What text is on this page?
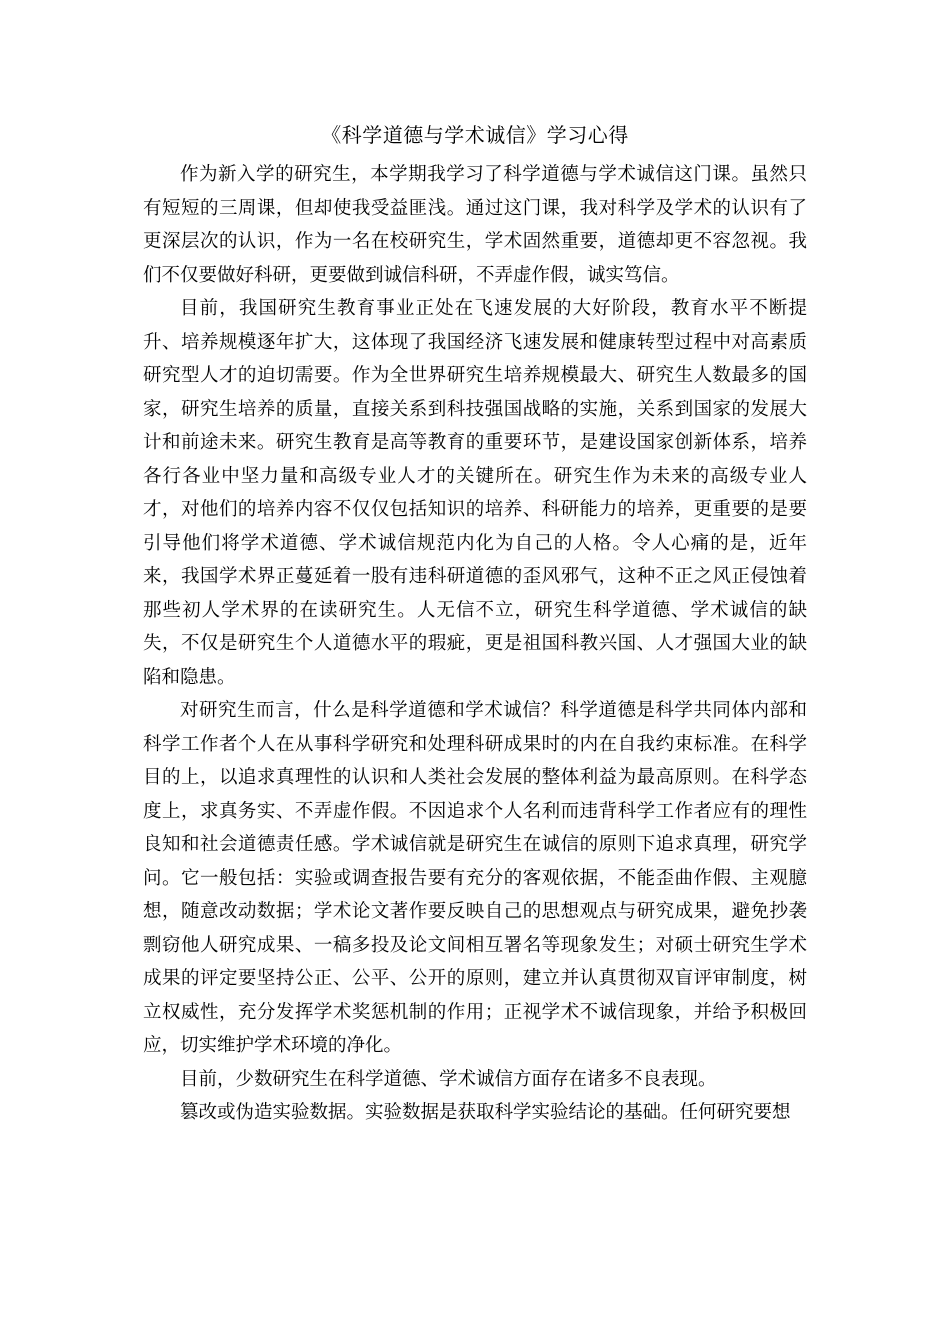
《科学道德与学术诚信》学习心得

作为新入学的研究生，本学期我学习了科学道德与学术诚信这门课。虽然只有短短的三周课，但却使我受益匪浅。通过这门课，我对科学及学术的认识有了更深层次的认识，作为一名在校研究生，学术固然重要，道德却更不容忽视。我们不仅要做好科研，更要做到诚信科研，不弄虚作假，诚实笃信。

目前，我国研究生教育事业正处在飞速发展的大好阶段，教育水平不断提升、培养规模逐年扩大，这体现了我国经济飞速发展和健康转型过程中对高素质研究型人才的迫切需要。作为全世界研究生培养规模最大、研究生人数最多的国家，研究生培养的质量，直接关系到科技强国战略的实施，关系到国家的发展大计和前途未来。研究生教育是高等教育的重要环节，是建设国家创新体系，培养各行各业中坚力量和高级专业人才的关键所在。研究生作为未来的高级专业人才，对他们的培养内容不仅仅包括知识的培养、科研能力的培养，更重要的是要引导他们将学术道德、学术诚信规范内化为自己的人格。令人心痛的是，近年来，我国学术界正蔓延着一股有违科研道德的歪风邪气，这种不正之风正侵蚀着那些初人学术界的在读研究生。人无信不立，研究生科学道德、学术诚信的缺失，不仅是研究生个人道德水平的瑕疵，更是祖国科教兴国、人才强国大业的缺陷和隐患。

对研究生而言，什么是科学道德和学术诚信？科学道德是科学共同体内部和科学工作者个人在从事科学研究和处理科研成果时的内在自我约束标准。在科学目的上，以追求真理性的认识和人类社会发展的整体利益为最高原则。在科学态度上，求真务实、不弄虚作假。不因追求个人名利而违背科学工作者应有的理性良知和社会道德责任感。学术诚信就是研究生在诚信的原则下追求真理，研究学问。它一般包括：实验或调查报告要有充分的客观依据，不能歪曲作假、主观臆想，随意改动数据；学术论文著作要反映自己的思想观点与研究成果，避免抄袭剽窃他人研究成果、一稿多投及论文间相互署名等现象发生；对硕士研究生学术成果的评定要坚持公正、公平、公开的原则，建立并认真贯彻双盲评审制度，树立权威性，充分发挥学术奖惩机制的作用；正视学术不诚信现象，并给予积极回应，切实维护学术环境的净化。

目前，少数研究生在科学道德、学术诚信方面存在诸多不良表现。

篡改或伪造实验数据。实验数据是获取科学实验结论的基础。任何研究要想
